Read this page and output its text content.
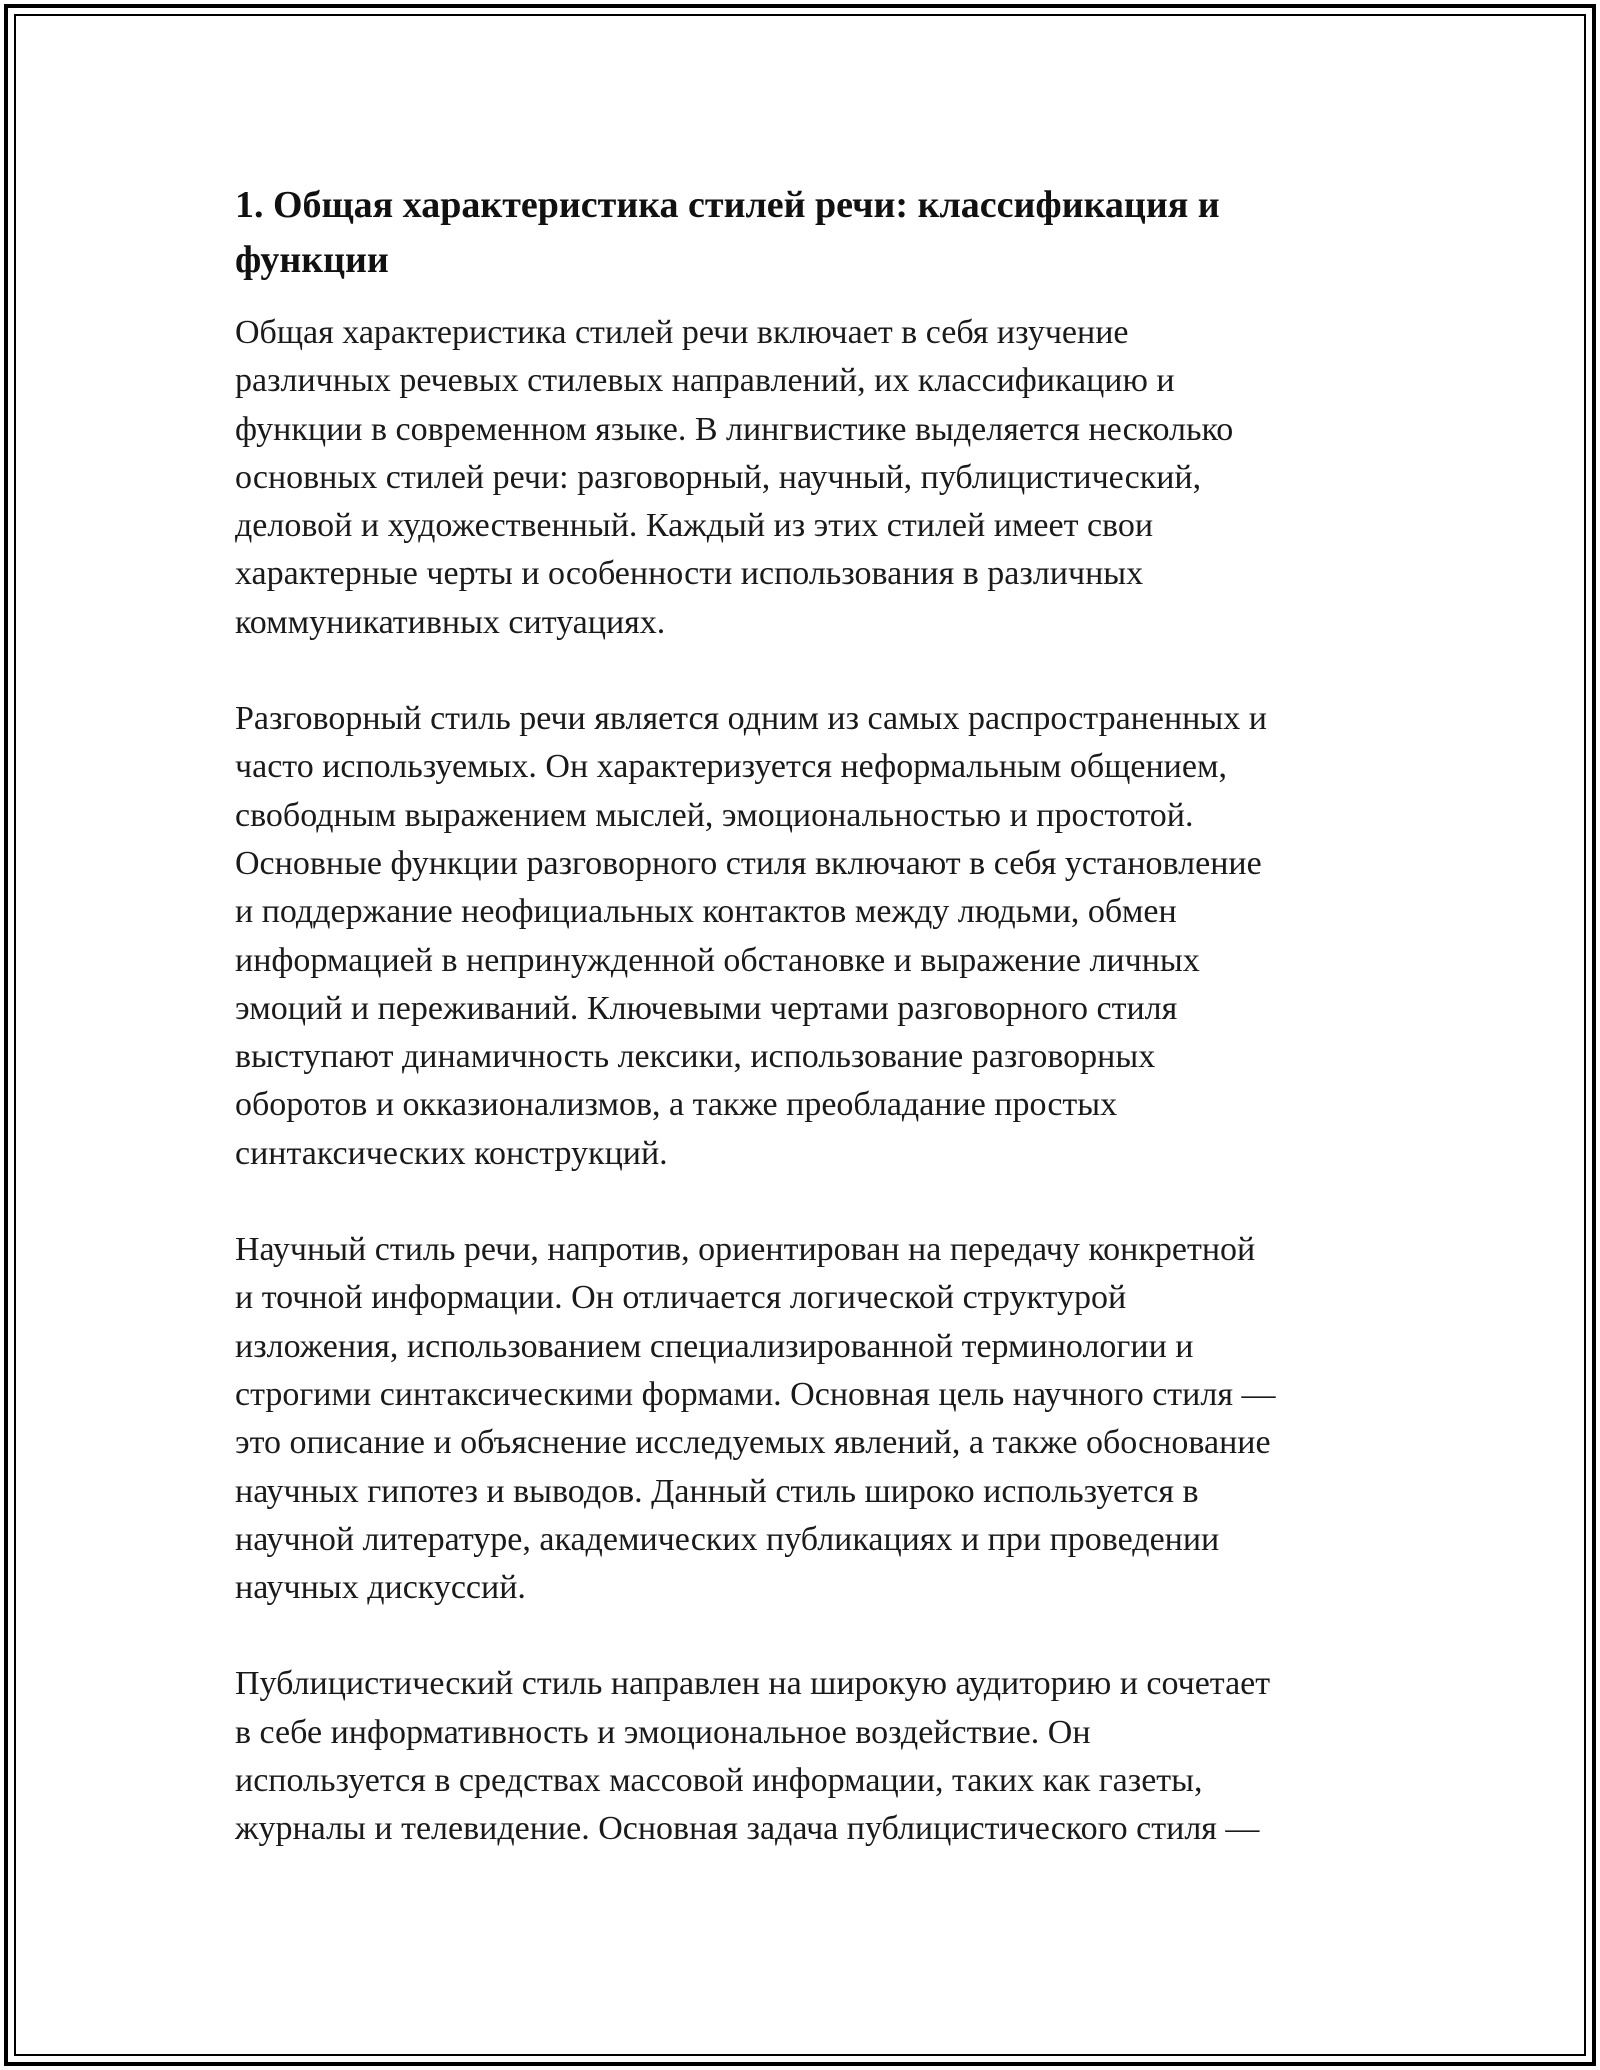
1. Общая характеристика стилей речи: классификация и
функции

Общая характеристика стилей речи включает в себя изучение
различных речевых стилевых направлений, их классификацию и
функции в современном языке. В лингвистике выделяется несколько
основных стилей речи: разговорный, научный, публицистический,
деловой и художественный. Каждый из этих стилей имеет свои
характерные черты и особенности использования в различных
коммуникативных ситуациях.

Разговорный стиль речи является одним из самых распространенных и
часто используемых. Он характеризуется неформальным общением,
свободным выражением мыслей, эмоциональностью и простотой.
Основные функции разговорного стиля включают в себя установление
и поддержание неофициальных контактов между людьми, обмен
информацией в непринужденной обстановке и выражение личных
эмоций и переживаний. Ключевыми чертами разговорного стиля
выступают динамичность лексики, использование разговорных
оборотов и окказионализмов, а также преобладание простых
синтаксических конструкций.

Научный стиль речи, напротив, ориентирован на передачу конкретной
и точной информации. Он отличается логической структурой
изложения, использованием специализированной терминологии и
строгими синтаксическими формами. Основная цель научного стиля —
это описание и объяснение исследуемых явлений, а также обоснование
научных гипотез и выводов. Данный стиль широко используется в
научной литературе, академических публикациях и при проведении
научных дискуссий.

Публицистический стиль направлен на широкую аудиторию и сочетает
в себе информативность и эмоциональное воздействие. Он
используется в средствах массовой информации, таких как газеты,
журналы и телевидение. Основная задача публицистического стиля —
